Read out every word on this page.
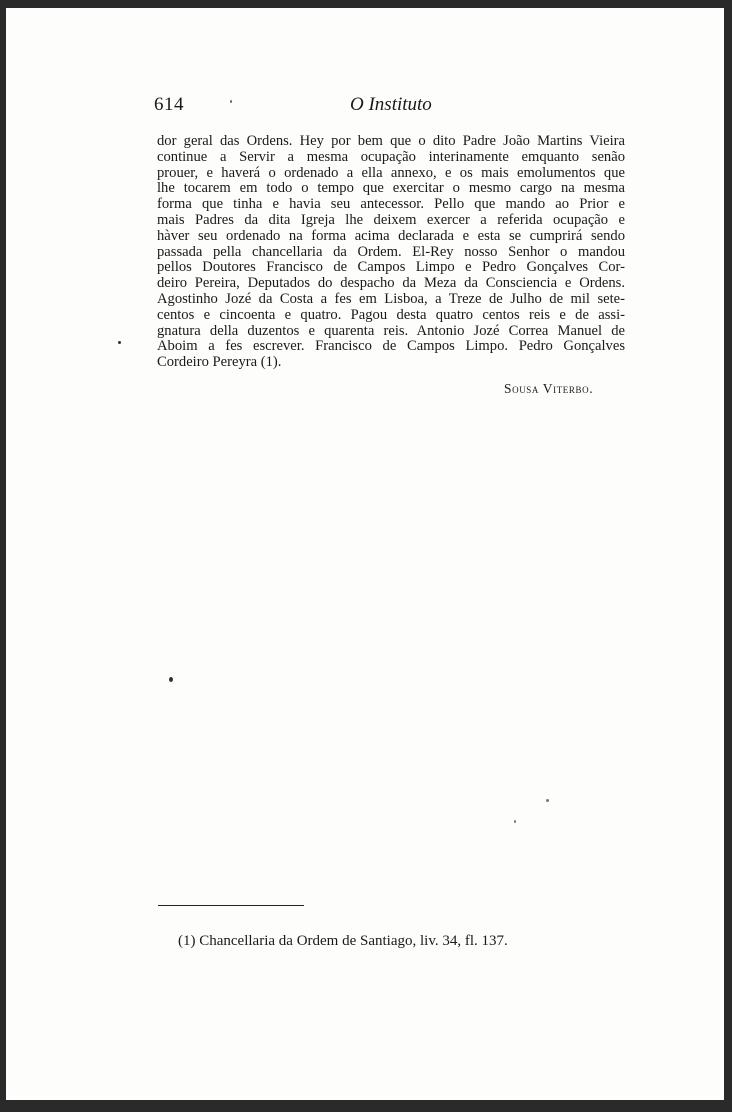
614	O Instituto
dor geral das Ordens. Hey por bem que o dito Padre João Martins Vieira
continue a Servir a mesma ocupação interinamente emquanto senão
prouer, e haverá o ordenado a ella annexo, e os mais emolumentos que
lhe tocarem em todo o tempo que exercitar o mesmo cargo na mesma
forma que tinha e havia seu antecessor. Pello que mando ao Prior e
mais Padres da dita Igreja lhe deixem exercer a referida ocupação e
hàver seu ordenado na forma acima declarada e esta se cumprirá sendo
passada pella chancellaria da Ordem. El-Rey nosso Senhor o mandou
pellos Doutores Francisco de Campos Limpo e Pedro Gonçalves Cor-
deiro Pereira, Deputados do despacho da Meza da Consciencia e Ordens.
Agostinho Jozé da Costa a fes em Lisboa, a Treze de Julho de mil sete-
centos e cincoenta e quatro. Pagou desta quatro centos reis e de assi-
gnatura della duzentos e quarenta reis. Antonio Jozé Correa Manuel de
Aboim a fes escrever. Francisco de Campos Limpo. Pedro Gonçalves
Cordeiro Pereyra (1).
Sousa Viterbo.
(1) Chancellaria da Ordem de Santiago, liv. 34, fl. 137.
